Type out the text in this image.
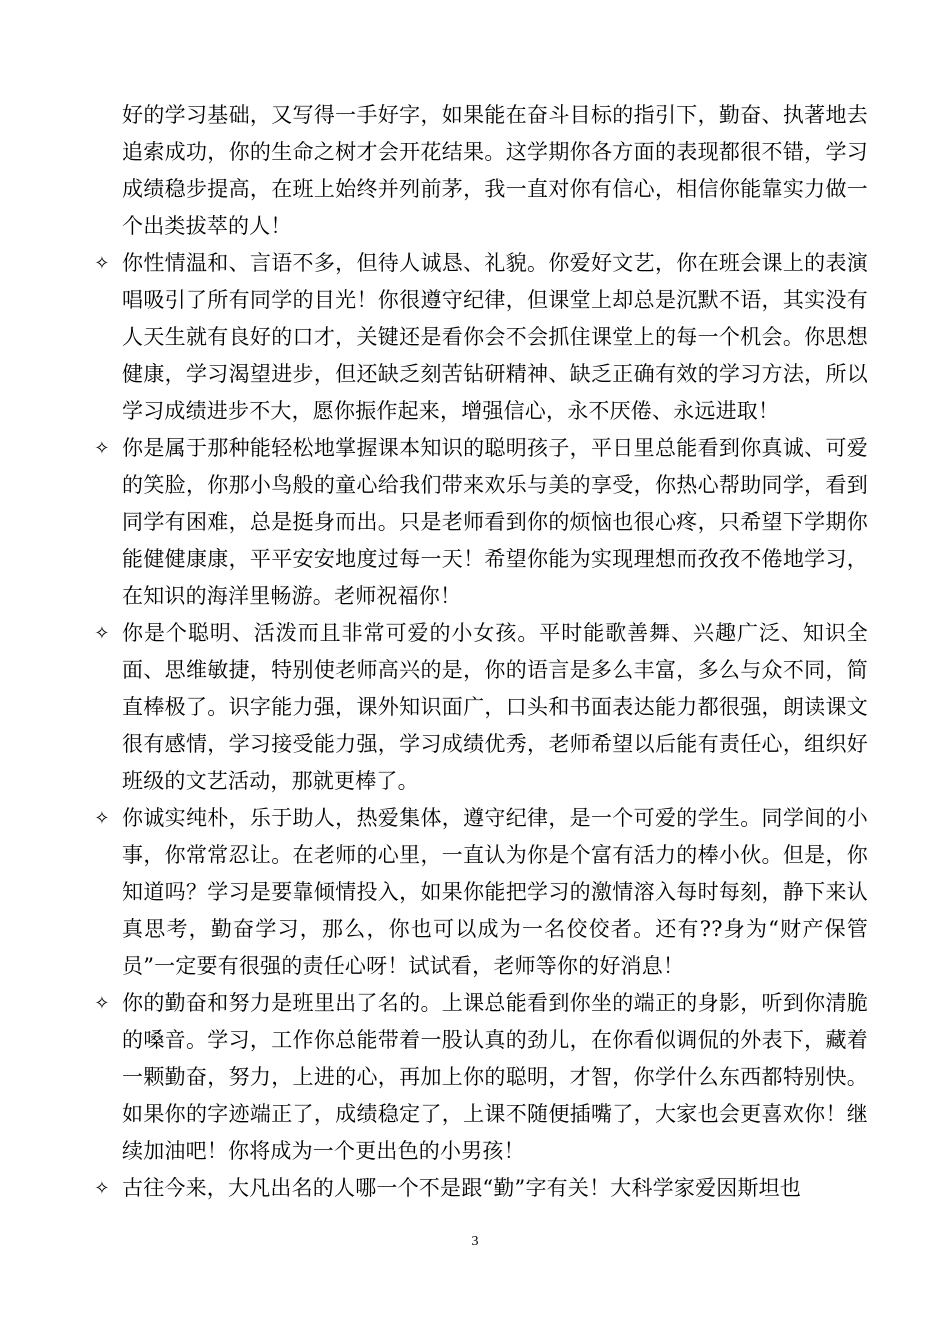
好的学习基础，又写得一手好字，如果能在奋斗目标的指引下，勤奋、执著地去追索成功，你的生命之树才会开花结果。这学期你各方面的表现都很不错，学习成绩稳步提高，在班上始终并列前茅，我一直对你有信心，相信你能靠实力做一个出类拔萃的人！
✧ 你性情温和、言语不多，但待人诚恳、礼貌。你爱好文艺，你在班会课上的表演唱吸引了所有同学的目光！你很遵守纪律，但课堂上却总是沉默不语，其实没有人天生就有良好的口才，关键还是看你会不会抓住课堂上的每一个机会。你思想健康，学习渴望进步，但还缺乏刻苦钻研精神、缺乏正确有效的学习方法，所以学习成绩进步不大，愿你振作起来，增强信心，永不厌倦、永远进取！
✧ 你是属于那种能轻松地掌握课本知识的聪明孩子，平日里总能看到你真诚、可爱的笑脸，你那小鸟般的童心给我们带来欢乐与美的享受，你热心帮助同学，看到同学有困难，总是挺身而出。只是老师看到你的烦恼也很心疼，只希望下学期你能健健康康，平平安安地度过每一天！希望你能为实现理想而孜孜不倦地学习，在知识的海洋里畅游。老师祝福你！
✧ 你是个聪明、活泼而且非常可爱的小女孩。平时能歌善舞、兴趣广泛、知识全面、思维敏捷，特别使老师高兴的是，你的语言是多么丰富，多么与众不同，简直棒极了。识字能力强，课外知识面广，口头和书面表达能力都很强，朗读课文很有感情，学习接受能力强，学习成绩优秀，老师希望以后能有责任心，组织好班级的文艺活动，那就更棒了。
✧ 你诚实纯朴，乐于助人，热爱集体，遵守纪律，是一个可爱的学生。同学间的小事，你常常忍让。在老师的心里，一直认为你是个富有活力的棒小伙。但是，你知道吗？学习是要靠倾情投入，如果你能把学习的激情溶入每时每刻，静下来认真思考，勤奋学习，那么，你也可以成为一名佼佼者。还有??身为“财产保管员”一定要有很强的责任心呀！试试看，老师等你的好消息！
✧ 你的勤奋和努力是班里出了名的。上课总能看到你坐的端正的身影，听到你清脆的嗓音。学习，工作你总能带着一股认真的劲儿，在你看似调侃的外表下，藏着一颗勤奋，努力，上进的心，再加上你的聪明，才智，你学什么东西都特别快。如果你的字迹端正了，成绩稳定了，上课不随便插嘴了，大家也会更喜欢你！继续加油吧！你将成为一个更出色的小男孩！
✧ 古往今来，大凡出名的人哪一个不是跟“勤”字有关！大科学家爱因斯坦也
3
